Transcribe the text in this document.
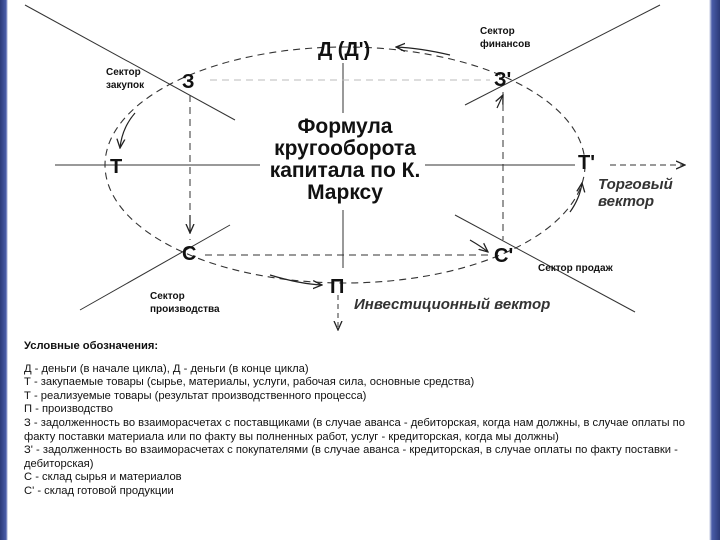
Д (Д')
З	З'
Т	Т'
С	С'
П
Формула кругооборота капитала по К. Марксу
Сектор финансов
Сектор закупок
Сектор продаж
Сектор производства
Торговый вектор
Инвестиционный вектор
Условные обозначения:
Д - деньги (в начале цикла), Д - деньги (в конце цикла)
Т - закупаемые товары (сырье, материалы, услуги, рабочая сила, основные средства)
Т - реализуемые товары (результат производственного процесса)
П - производство
З - задолженность во взаиморасчетах с поставщиками (в случае аванса - дебиторская, когда нам должны, в случае оплаты по факту поставки материала или по факту вы полненных работ, услуг - кредиторская, когда мы должны)
З' - задолженность во взаиморасчетах с покупателями (в случае аванса - кредиторская, в случае оплаты по факту поставки - дебиторская)
С - склад сырья и материалов
С' - склад готовой продукции
